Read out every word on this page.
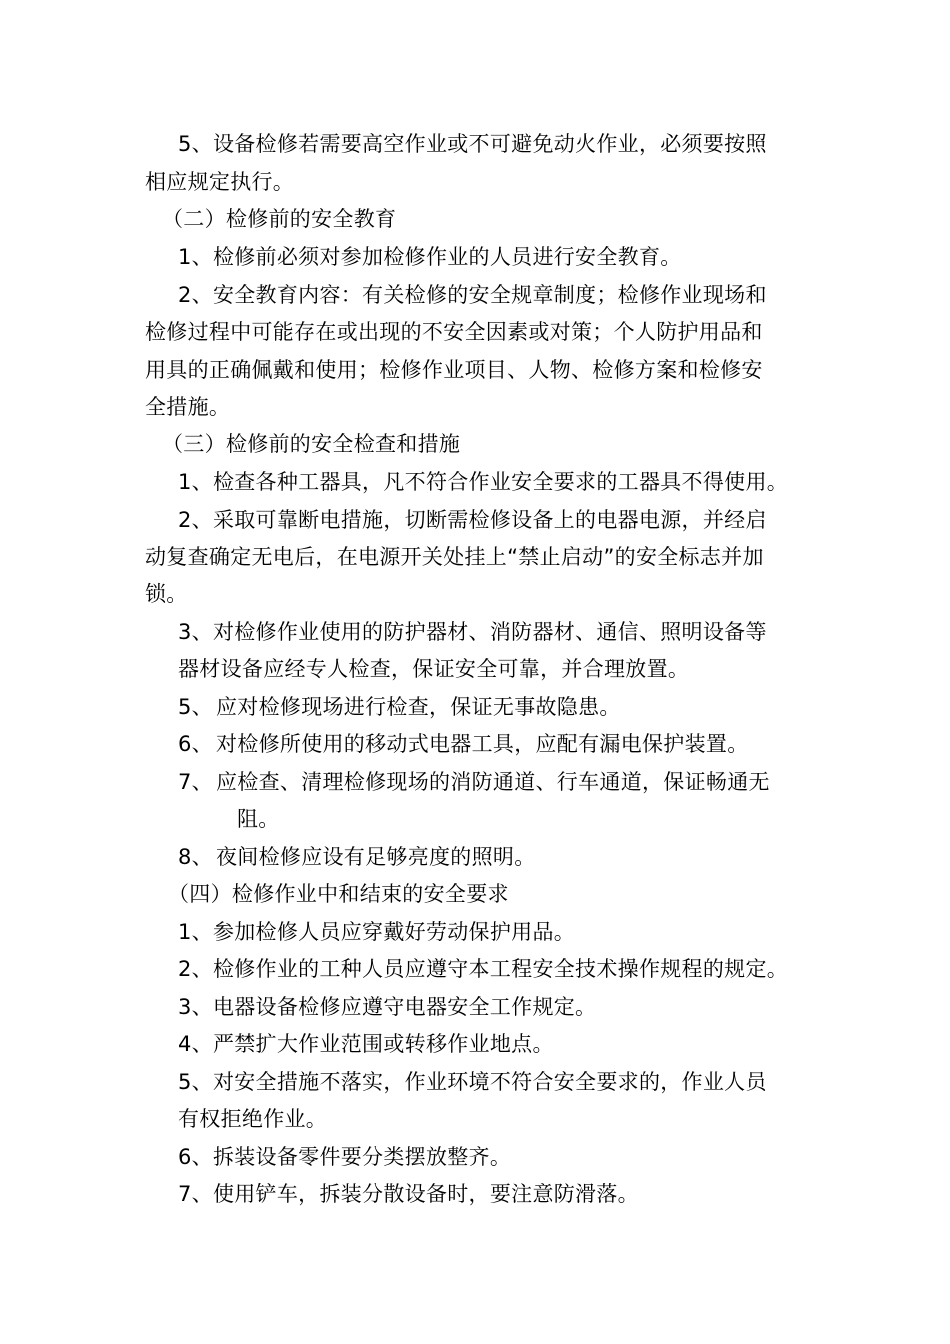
5、设备检修若需要高空作业或不可避免动火作业，必须要按照
相应规定执行。
（二）检修前的安全教育
1、检修前必须对参加检修作业的人员进行安全教育。
2、安全教育内容：有关检修的安全规章制度；检修作业现场和
检修过程中可能存在或出现的不安全因素或对策；个人防护用品和
用具的正确佩戴和使用；检修作业项目、人物、检修方案和检修安
全措施。
（三）检修前的安全检查和措施
1、检查各种工器具，凡不符合作业安全要求的工器具不得使用。
2、采取可靠断电措施，切断需检修设备上的电器电源，并经启
动复查确定无电后，在电源开关处挂上“禁止启动”的安全标志并加
锁。
3、对检修作业使用的防护器材、消防器材、通信、照明设备等
器材设备应经专人检查，保证安全可靠，并合理放置。
5、 应对检修现场进行检查，保证无事故隐患。
6、 对检修所使用的移动式电器工具，应配有漏电保护装置。
7、 应检查、清理检修现场的消防通道、行车通道，保证畅通无
阻。
8、 夜间检修应设有足够亮度的照明。
（四）检修作业中和结束的安全要求
1、参加检修人员应穿戴好劳动保护用品。
2、检修作业的工种人员应遵守本工程安全技术操作规程的规定。
3、电器设备检修应遵守电器安全工作规定。
4、严禁扩大作业范围或转移作业地点。
5、对安全措施不落实，作业环境不符合安全要求的，作业人员
有权拒绝作业。
6、拆装设备零件要分类摆放整齐。
7、使用铲车，拆装分散设备时，要注意防滑落。
